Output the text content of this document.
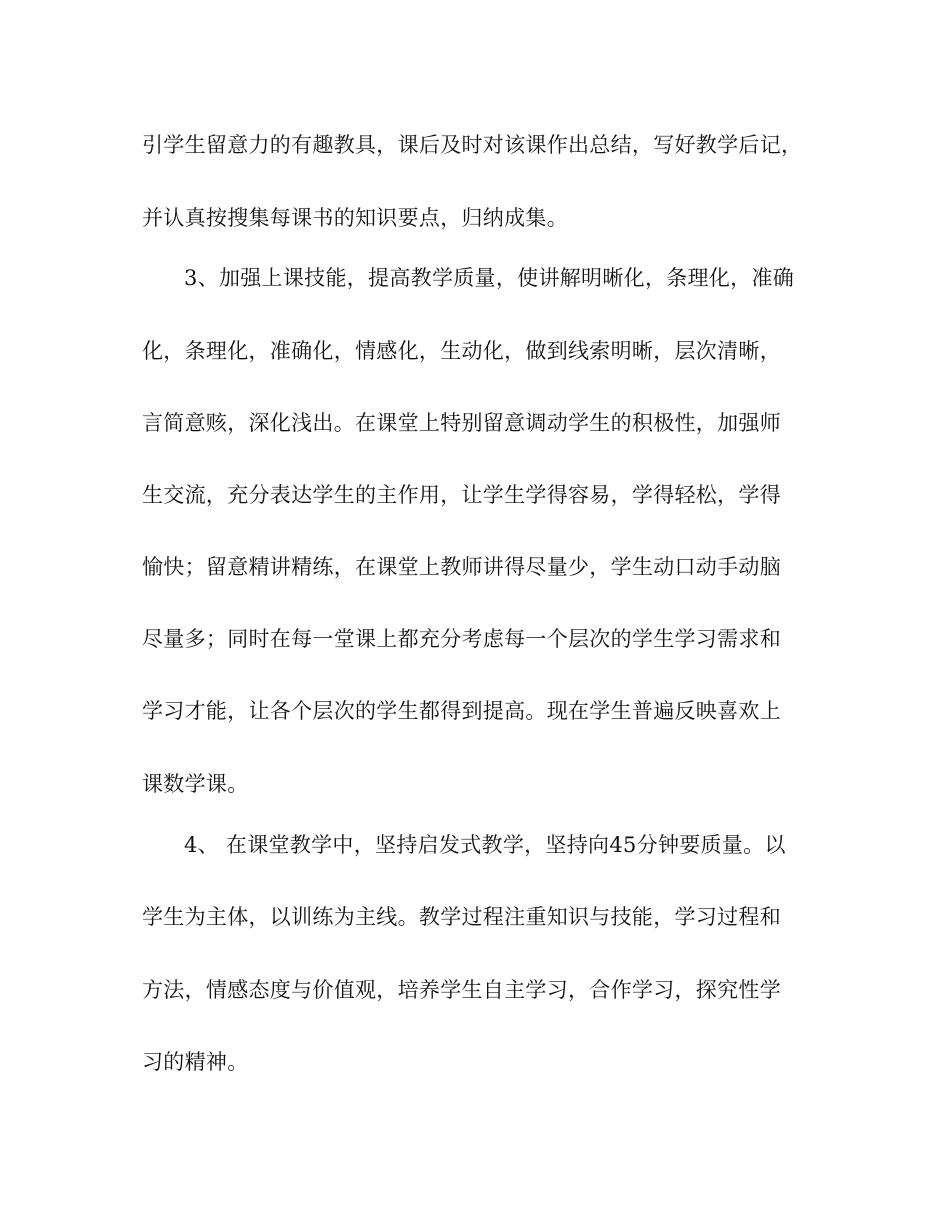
引学生留意力的有趣教具，课后及时对该课作出总结，写好教学后记，
并认真按搜集每课书的知识要点，归纳成集。
3、加强上课技能，提高教学质量，使讲解明晰化，条理化，准确
化，条理化，准确化，情感化，生动化，做到线索明晰，层次清晰，
言简意赅，深化浅出。在课堂上特别留意调动学生的积极性，加强师
生交流，充分表达学生的主作用，让学生学得容易，学得轻松，学得
愉快；留意精讲精练，在课堂上教师讲得尽量少，学生动口动手动脑
尽量多；同时在每一堂课上都充分考虑每一个层次的学生学习需求和
学习才能，让各个层次的学生都得到提高。现在学生普遍反映喜欢上
课数学课。
4、 在课堂教学中，坚持启发式教学，坚持向45分钟要质量。以
学生为主体，以训练为主线。教学过程注重知识与技能，学习过程和
方法，情感态度与价值观，培养学生自主学习，合作学习，探究性学
习的精神。
